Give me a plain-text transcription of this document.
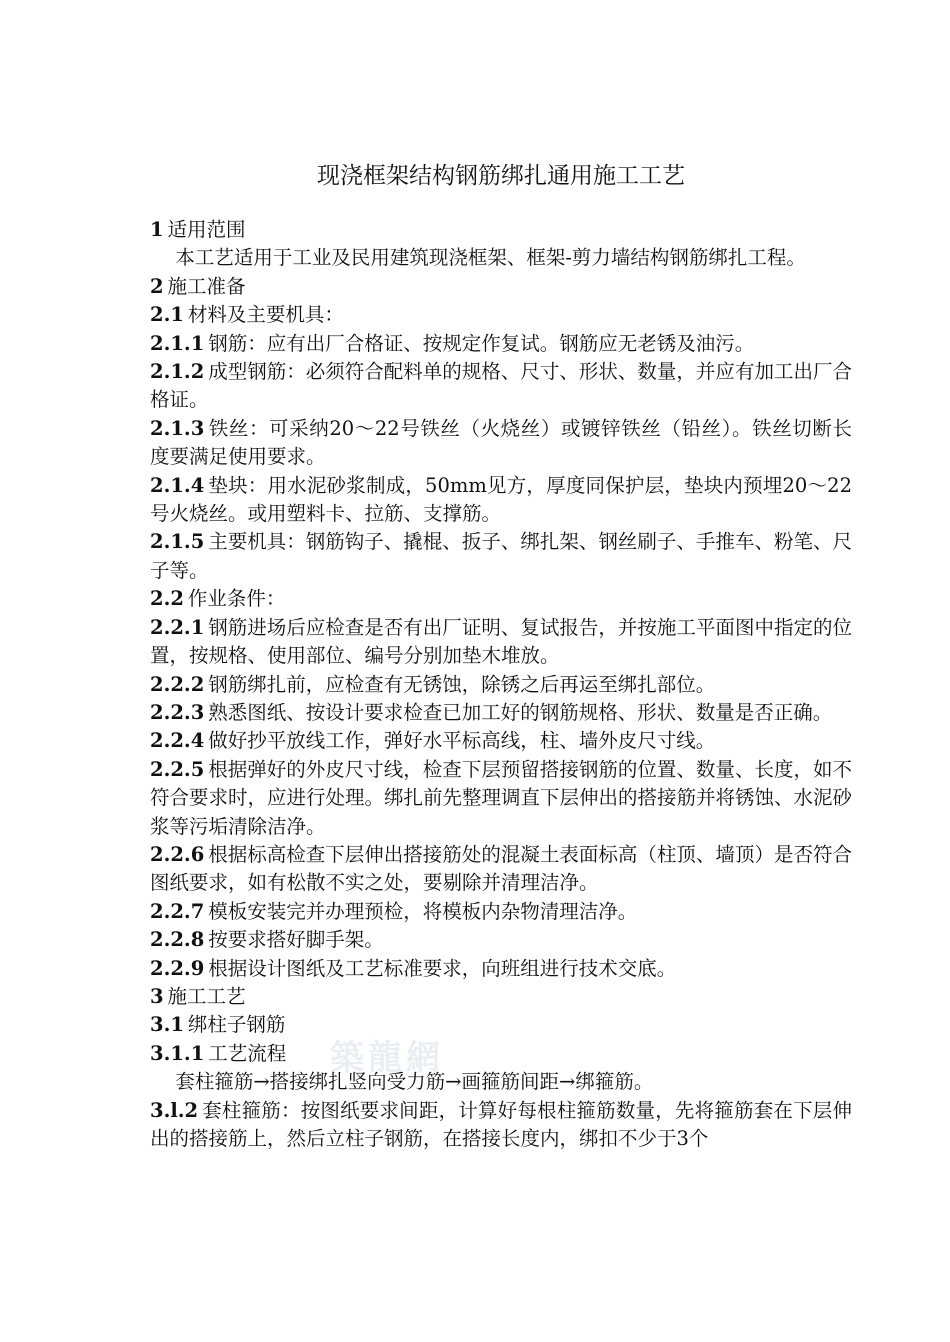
築龍網
现浇框架结构钢筋绑扎通用施工工艺

1 适用范围

本工艺适用于工业及民用建筑现浇框架、框架-剪力墙结构钢筋绑扎工程。

2 施工准备

2.1 材料及主要机具：

2.1.1 钢筋：应有出厂合格证、按规定作复试。钢筋应无老锈及油污。

2.1.2 成型钢筋：必须符合配料单的规格、尺寸、形状、数量，并应有加工出厂合格证。

2.1.3 铁丝：可采纳20～22号铁丝（火烧丝）或镀锌铁丝（铅丝）。铁丝切断长度要满足使用要求。

2.1.4 垫块：用水泥砂浆制成，50mm见方，厚度同保护层，垫块内预埋20～22号火烧丝。或用塑料卡、拉筋、支撑筋。

2.1.5 主要机具：钢筋钩子、撬棍、扳子、绑扎架、钢丝刷子、手推车、粉笔、尺子等。

2.2 作业条件：

2.2.1 钢筋进场后应检查是否有出厂证明、复试报告，并按施工平面图中指定的位置，按规格、使用部位、编号分别加垫木堆放。

2.2.2 钢筋绑扎前，应检查有无锈蚀，除锈之后再运至绑扎部位。

2.2.3 熟悉图纸、按设计要求检查已加工好的钢筋规格、形状、数量是否正确。

2.2.4 做好抄平放线工作，弹好水平标高线，柱、墙外皮尺寸线。

2.2.5 根据弹好的外皮尺寸线，检查下层预留搭接钢筋的位置、数量、长度，如不符合要求时，应进行处理。绑扎前先整理调直下层伸出的搭接筋并将锈蚀、水泥砂浆等污垢清除洁净。

2.2.6 根据标高检查下层伸出搭接筋处的混凝土表面标高（柱顶、墙顶）是否符合图纸要求，如有松散不实之处，要剔除并清理洁净。

2.2.7 模板安装完并办理预检，将模板内杂物清理洁净。

2.2.8 按要求搭好脚手架。

2.2.9 根据设计图纸及工艺标准要求，向班组进行技术交底。

3 施工工艺

3.1 绑柱子钢筋

3.1.1 工艺流程

套柱箍筋→搭接绑扎竖向受力筋→画箍筋间距→绑箍筋。

3.l.2 套柱箍筋：按图纸要求间距，计算好每根柱箍筋数量，先将箍筋套在下层伸出的搭接筋上，然后立柱子钢筋，在搭接长度内，绑扣不少于3个
